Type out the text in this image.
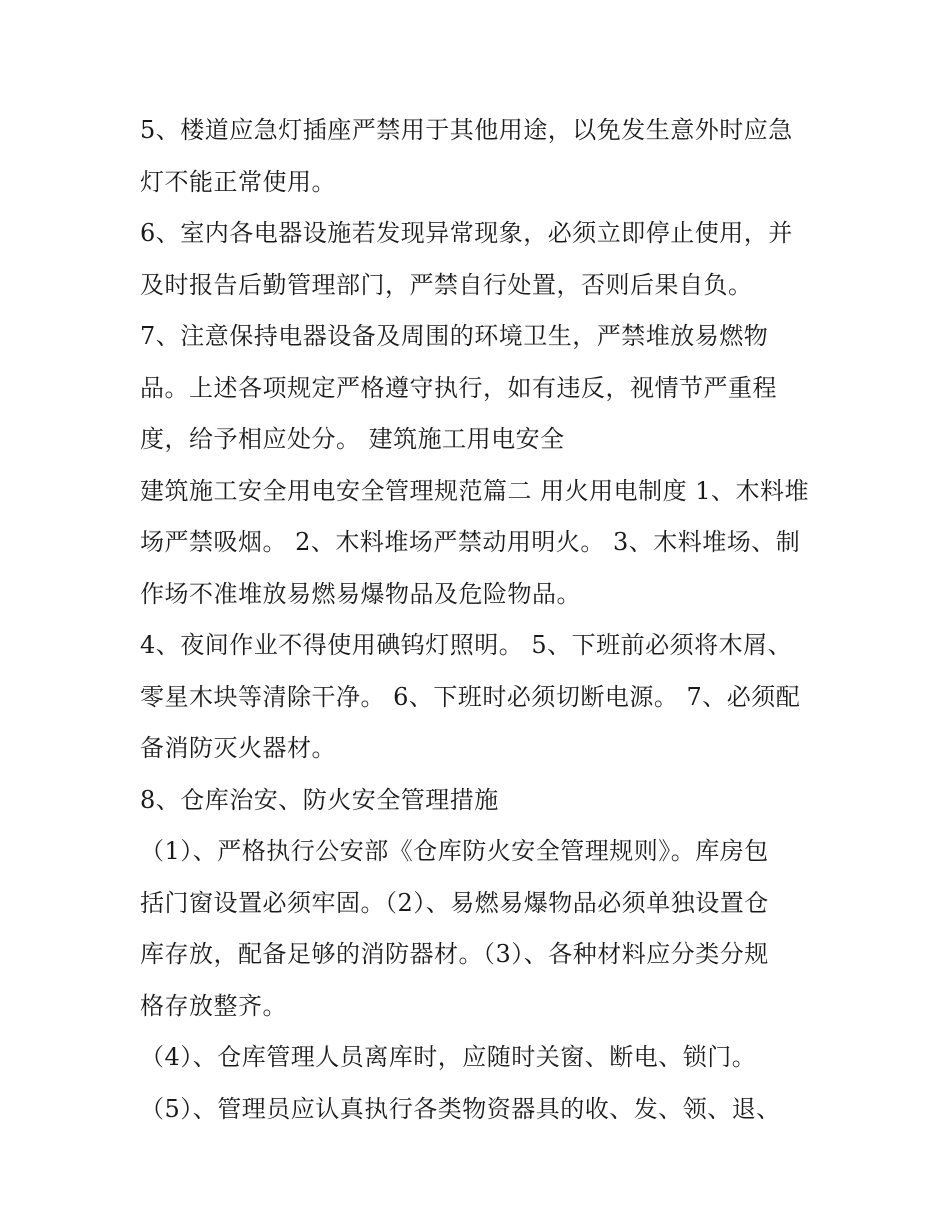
5、楼道应急灯插座严禁用于其他用途，以免发生意外时应急
灯不能正常使用。
6、室内各电器设施若发现异常现象，必须立即停止使用，并
及时报告后勤管理部门，严禁自行处置，否则后果自负。
7、注意保持电器设备及周围的环境卫生，严禁堆放易燃物
品。上述各项规定严格遵守执行，如有违反，视情节严重程
度，给予相应处分。 建筑施工用电安全
建筑施工安全用电安全管理规范篇二 用火用电制度 1、木料堆
场严禁吸烟。 2、木料堆场严禁动用明火。 3、木料堆场、制
作场不准堆放易燃易爆物品及危险物品。
4、夜间作业不得使用碘钨灯照明。 5、下班前必须将木屑、
零星木块等清除干净。 6、下班时必须切断电源。 7、必须配
备消防灭火器材。
8、仓库治安、防火安全管理措施
（1）、严格执行公安部《仓库防火安全管理规则》。库房包
括门窗设置必须牢固。（2）、易燃易爆物品必须单独设置仓
库存放，配备足够的消防器材。（3）、各种材料应分类分规
格存放整齐。
（4）、仓库管理人员离库时，应随时关窗、断电、锁门。
（5）、管理员应认真执行各类物资器具的收、发、领、退、
